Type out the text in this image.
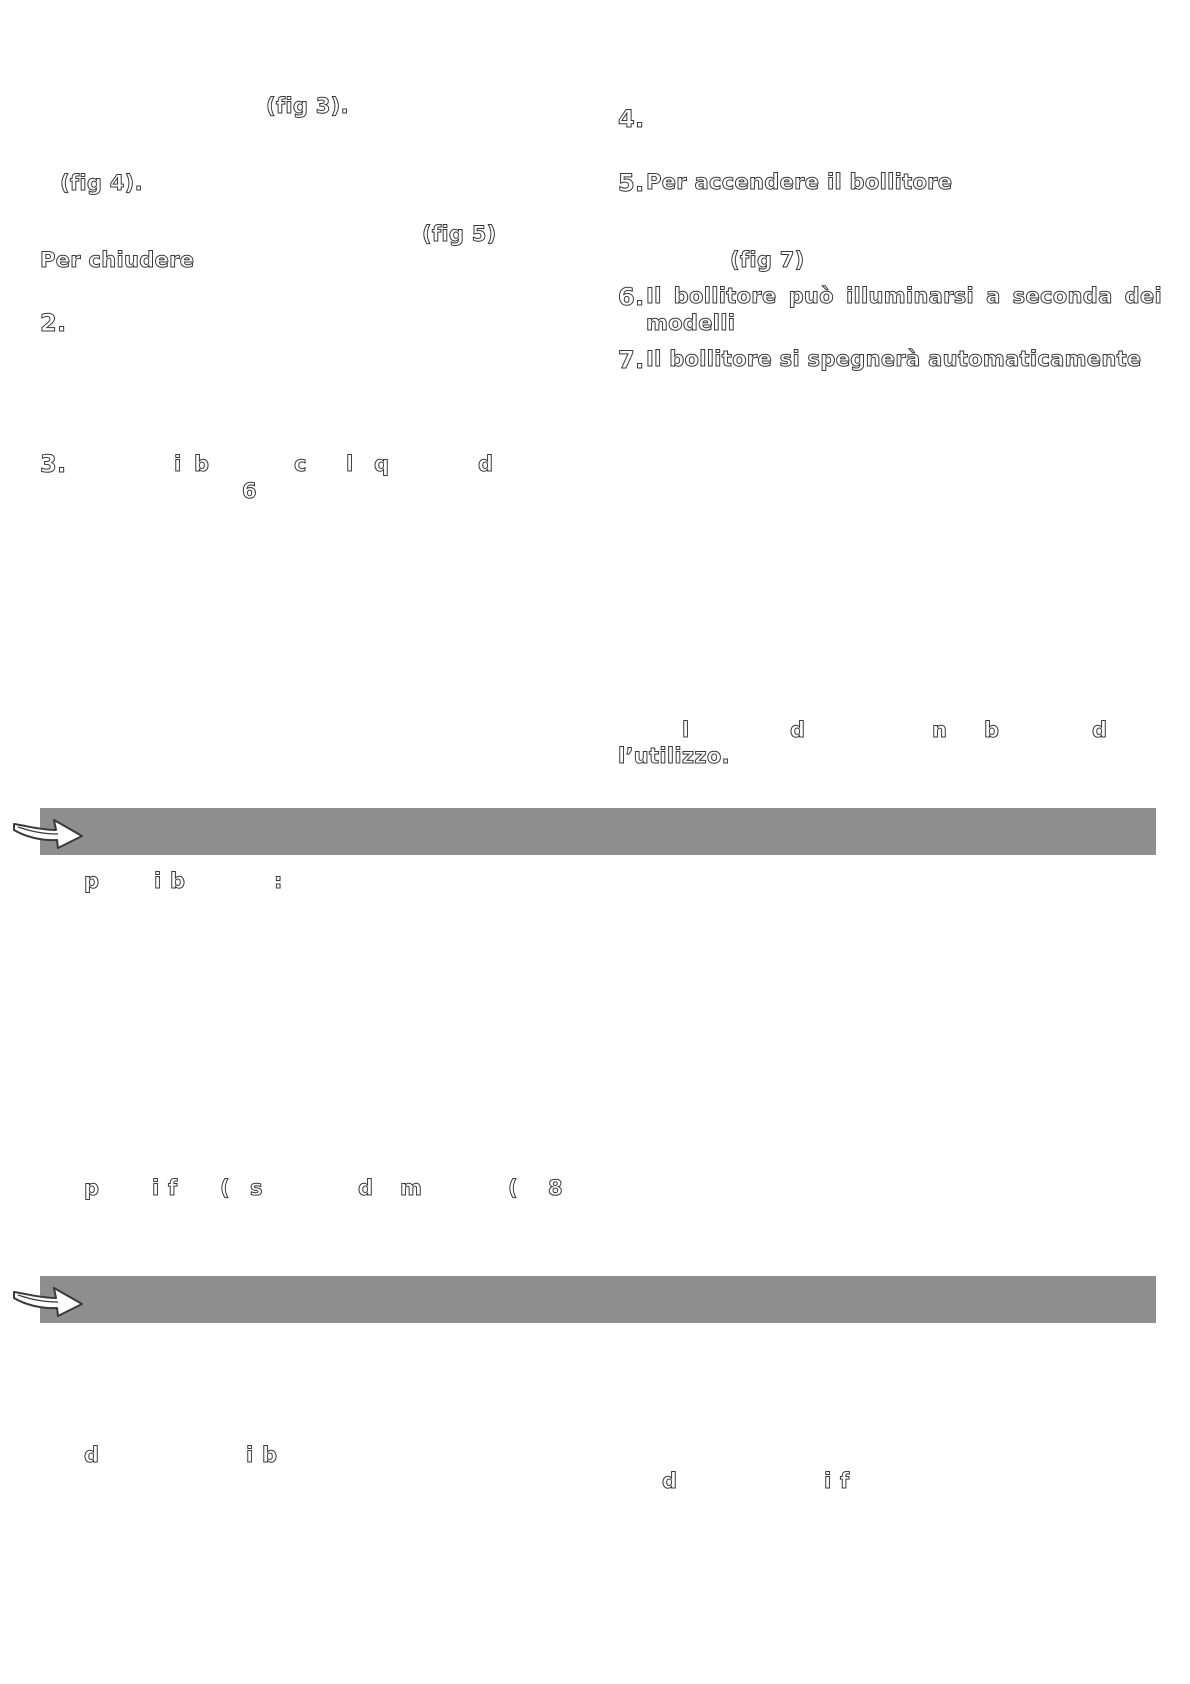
(fig 3).
(fig 4).
(fig 5)
Per chiudere
2.
3.	i b	c l q	d
6
4.
5. Per accendere il bollitore
(fig 7)
6. Il bollitore può illuminarsi a seconda dei
modelli
7. Il bollitore si spegnerà automaticamente
l	d	n b	d
l’utilizzo.
p	i b	:
p	i f ( s	d m	( 8
d	i b
d	i f
